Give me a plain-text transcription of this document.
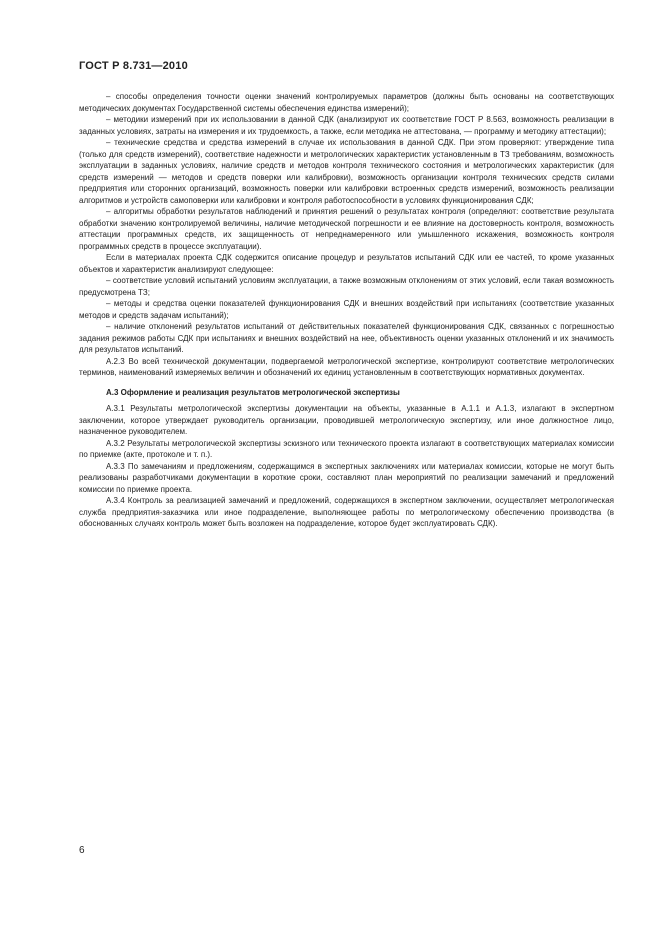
ГОСТ Р 8.731—2010

– способы определения точности оценки значений контролируемых параметров (должны быть основаны на соответствующих методических документах Государственной системы обеспечения единства измерений);

– методики измерений при их использовании в данной СДК (анализируют их соответствие ГОСТ Р 8.563, возможность реализации в заданных условиях, затраты на измерения и их трудоемкость, а также, если методика не аттестована, — программу и методику аттестации);

– технические средства и средства измерений в случае их использования в данной СДК. При этом проверяют: утверждение типа (только для средств измерений), соответствие надежности и метрологических характеристик установленным в ТЗ требованиям, возможность эксплуатации в заданных условиях, наличие средств и методов контроля технического состояния и метрологических характеристик (для средств измерений — методов и средств поверки или калибровки), возможность организации контроля технических средств силами предприятия или сторонних организаций, возможность поверки или калибровки встроенных средств измерений, возможность реализации алгоритмов и устройств самоповерки или калибровки и контроля работоспособности в условиях функционирования СДК;

– алгоритмы обработки результатов наблюдений и принятия решений о результатах контроля (определяют: соответствие результата обработки значению контролируемой величины, наличие методической погрешности и ее влияние на достоверность контроля, возможность аттестации программных средств, их защищенность от непреднамеренного или умышленного искажения, возможность контроля программных средств в процессе эксплуатации).

Если в материалах проекта СДК содержится описание процедур и результатов испытаний СДК или ее частей, то кроме указанных объектов и характеристик анализируют следующее:

– соответствие условий испытаний условиям эксплуатации, а также возможным отклонениям от этих условий, если такая возможность предусмотрена ТЗ;

– методы и средства оценки показателей функционирования СДК и внешних воздействий при испытаниях (соответствие указанных методов и средств задачам испытаний);

– наличие отклонений результатов испытаний от действительных показателей функционирования СДК, связанных с погрешностью задания режимов работы СДК при испытаниях и внешних воздействий на нее, объективность оценки указанных отклонений и их значимость для результатов испытаний.

А.2.3 Во всей технической документации, подвергаемой метрологической экспертизе, контролируют соответствие метрологических терминов, наименований измеряемых величин и обозначений их единиц установленным в соответствующих нормативных документах.

А.3 Оформление и реализация результатов метрологической экспертизы

А.3.1 Результаты метрологической экспертизы документации на объекты, указанные в А.1.1 и А.1.3, излагают в экспертном заключении, которое утверждает руководитель организации, проводившей метрологическую экспертизу, или иное должностное лицо, назначенное руководителем.

А.3.2 Результаты метрологической экспертизы эскизного или технического проекта излагают в соответствующих материалах комиссии по приемке (акте, протоколе и т. п.).

А.3.3 По замечаниям и предложениям, содержащимся в экспертных заключениях или материалах комиссии, которые не могут быть реализованы разработчиками документации в короткие сроки, составляют план мероприятий по реализации замечаний и предложений комиссии по приемке проекта.

А.3.4 Контроль за реализацией замечаний и предложений, содержащихся в экспертном заключении, осуществляет метрологическая служба предприятия-заказчика или иное подразделение, выполняющее работы по метрологическому обеспечению производства (в обоснованных случаях контроль может быть возложен на подразделение, которое будет эксплуатировать СДК).

6
